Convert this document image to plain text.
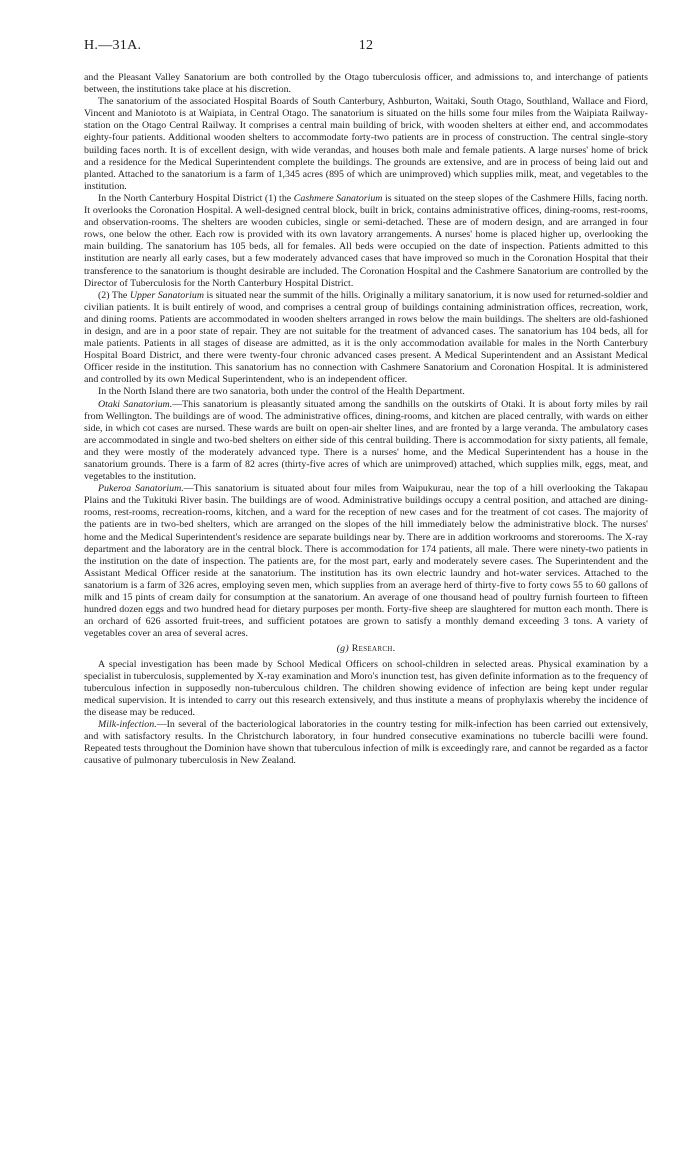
H.—31A.	12

and the Pleasant Valley Sanatorium are both controlled by the Otago tuberculosis officer, and admissions to, and interchange of patients between, the institutions take place at his discretion.

The sanatorium of the associated Hospital Boards of South Canterbury, Ashburton, Waitaki, South Otago, Southland, Wallace and Fiord, Vincent and Maniototo is at Waipiata, in Central Otago. The sanatorium is situated on the hills some four miles from the Waipiata Railway-station on the Otago Central Railway. It comprises a central main building of brick, with wooden shelters at either end, and accommodates eighty-four patients. Additional wooden shelters to accommodate forty-two patients are in process of construction. The central single-story building faces north. It is of excellent design, with wide verandas, and houses both male and female patients. A large nurses' home of brick and a residence for the Medical Superintendent complete the buildings. The grounds are extensive, and are in process of being laid out and planted. Attached to the sanatorium is a farm of 1,345 acres (895 of which are unimproved) which supplies milk, meat, and vegetables to the institution.

In the North Canterbury Hospital District (1) the Cashmere Sanatorium is situated on the steep slopes of the Cashmere Hills, facing north. It overlooks the Coronation Hospital. A well-designed central block, built in brick, contains administrative offices, dining-rooms, rest-rooms, and observation-rooms. The shelters are wooden cubicles, single or semi-detached. These are of modern design, and are arranged in four rows, one below the other. Each row is provided with its own lavatory arrangements. A nurses' home is placed higher up, overlooking the main building. The sanatorium has 105 beds, all for females. All beds were occupied on the date of inspection. Patients admitted to this institution are nearly all early cases, but a few moderately advanced cases that have improved so much in the Coronation Hospital that their transference to the sanatorium is thought desirable are included. The Coronation Hospital and the Cashmere Sanatorium are controlled by the Director of Tuberculosis for the North Canterbury Hospital District.

(2) The Upper Sanatorium is situated near the summit of the hills. Originally a military sanatorium, it is now used for returned-soldier and civilian patients. It is built entirely of wood, and comprises a central group of buildings containing administration offices, recreation, work, and dining rooms. Patients are accommodated in wooden shelters arranged in rows below the main buildings. The shelters are old-fashioned in design, and are in a poor state of repair. They are not suitable for the treatment of advanced cases. The sanatorium has 104 beds, all for male patients. Patients in all stages of disease are admitted, as it is the only accommodation available for males in the North Canterbury Hospital Board District, and there were twenty-four chronic advanced cases present. A Medical Superintendent and an Assistant Medical Officer reside in the institution. This sanatorium has no connection with Cashmere Sanatorium and Coronation Hospital. It is administered and controlled by its own Medical Superintendent, who is an independent officer.

In the North Island there are two sanatoria, both under the control of the Health Department.

Otaki Sanatorium.—This sanatorium is pleasantly situated among the sandhills on the outskirts of Otaki. It is about forty miles by rail from Wellington. The buildings are of wood. The administrative offices, dining-rooms, and kitchen are placed centrally, with wards on either side, in which cot cases are nursed. These wards are built on open-air shelter lines, and are fronted by a large veranda. The ambulatory cases are accommodated in single and two-bed shelters on either side of this central building. There is accommodation for sixty patients, all female, and they were mostly of the moderately advanced type. There is a nurses' home, and the Medical Superintendent has a house in the sanatorium grounds. There is a farm of 82 acres (thirty-five acres of which are unimproved) attached, which supplies milk, eggs, meat, and vegetables to the institution.

Pukeroa Sanatorium.—This sanatorium is situated about four miles from Waipukurau, near the top of a hill overlooking the Takapau Plains and the Tukituki River basin. The buildings are of wood. Administrative buildings occupy a central position, and attached are dining-rooms, rest-rooms, recreation-rooms, kitchen, and a ward for the reception of new cases and for the treatment of cot cases. The majority of the patients are in two-bed shelters, which are arranged on the slopes of the hill immediately below the administrative block. The nurses' home and the Medical Superintendent's residence are separate buildings near by. There are in addition workrooms and storerooms. The X-ray department and the laboratory are in the central block. There is accommodation for 174 patients, all male. There were ninety-two patients in the institution on the date of inspection. The patients are, for the most part, early and moderately severe cases. The Superintendent and the Assistant Medical Officer reside at the sanatorium. The institution has its own electric laundry and hot-water services. Attached to the sanatorium is a farm of 326 acres, employing seven men, which supplies from an average herd of thirty-five to forty cows 55 to 60 gallons of milk and 15 pints of cream daily for consumption at the sanatorium. An average of one thousand head of poultry furnish fourteen to fifteen hundred dozen eggs and two hundred head for dietary purposes per month. Forty-five sheep are slaughtered for mutton each month. There is an orchard of 626 assorted fruit-trees, and sufficient potatoes are grown to satisfy a monthly demand exceeding 3 tons. A variety of vegetables cover an area of several acres.

(g) Research.

A special investigation has been made by School Medical Officers on school-children in selected areas. Physical examination by a specialist in tuberculosis, supplemented by X-ray examination and Moro's inunction test, has given definite information as to the frequency of tuberculous infection in supposedly non-tuberculous children. The children showing evidence of infection are being kept under regular medical supervision. It is intended to carry out this research extensively, and thus institute a means of prophylaxis whereby the incidence of the disease may be reduced.

Milk-infection.—In several of the bacteriological laboratories in the country testing for milk-infection has been carried out extensively, and with satisfactory results. In the Christchurch laboratory, in four hundred consecutive examinations no tubercle bacilli were found. Repeated tests throughout the Dominion have shown that tuberculous infection of milk is exceedingly rare, and cannot be regarded as a factor causative of pulmonary tuberculosis in New Zealand.
